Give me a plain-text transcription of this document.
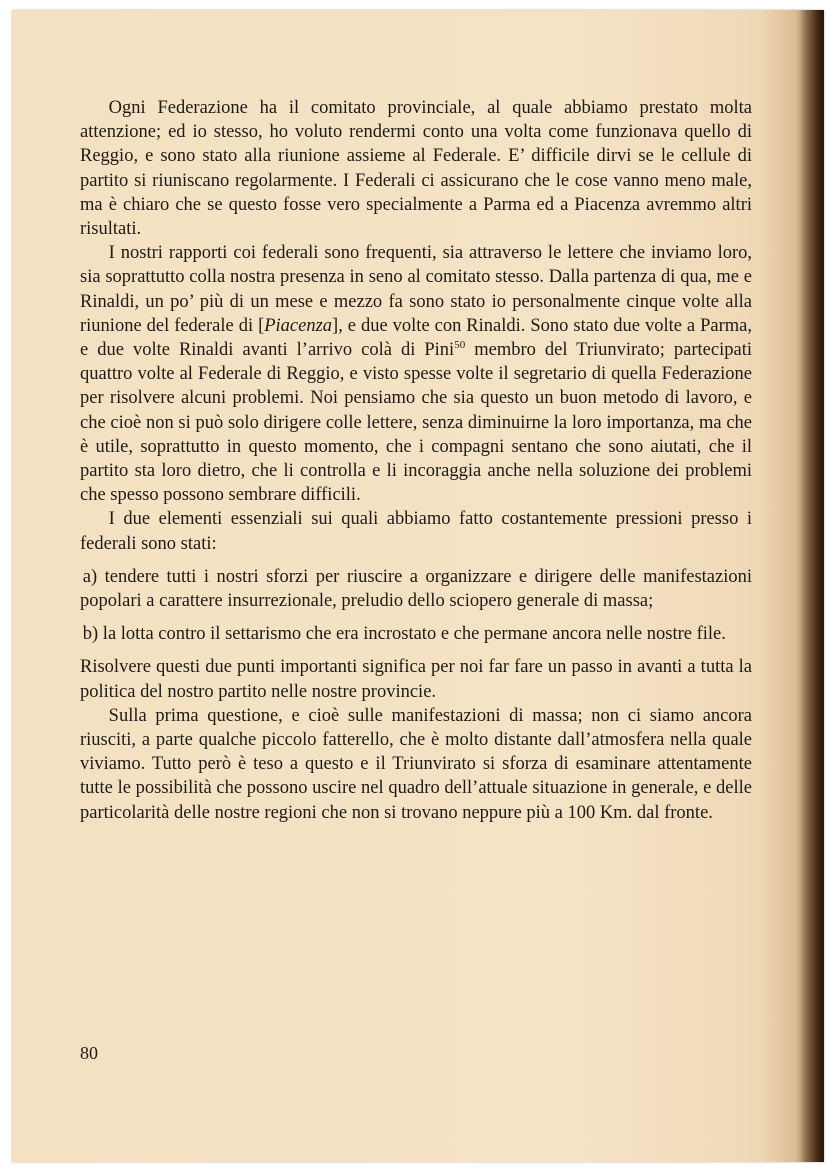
Ogni Federazione ha il comitato provinciale, al quale abbiamo prestato molta attenzione; ed io stesso, ho voluto rendermi conto una volta come funzionava quello di Reggio, e sono stato alla riunione assieme al Federale. E’ difficile dirvi se le cellule di partito si riuniscano regolarmente. I Federali ci assicurano che le cose vanno meno male, ma è chiaro che se questo fosse vero specialmente a Parma ed a Piacenza avremmo altri risultati.

I nostri rapporti coi federali sono frequenti, sia attraverso le lettere che inviamo loro, sia soprattutto colla nostra presenza in seno al comitato stesso. Dalla partenza di qua, me e Rinaldi, un po’ più di un mese e mezzo fa sono stato io personalmente cinque volte alla riunione del federale di [Piacenza], e due volte con Rinaldi. Sono stato due volte a Parma, e due volte Rinaldi avanti l’arrivo colà di Pini$^{50}$ membro del Triunvirato; partecipati quattro volte al Federale di Reggio, e visto spesse volte il segretario di quella Federazione per risolvere alcuni problemi. Noi pensiamo che sia questo un buon metodo di lavoro, e che cioè non si può solo dirigere colle lettere, senza diminuirne la loro importanza, ma che è utile, soprattutto in questo momento, che i compagni sentano che sono aiutati, che il partito sta loro dietro, che li controlla e li incoraggia anche nella soluzione dei problemi che spesso possono sembrare difficili.

I due elementi essenziali sui quali abbiamo fatto costantemente pressioni presso i federali sono stati:

a) tendere tutti i nostri sforzi per riuscire a organizzare e dirigere delle manifestazioni popolari a carattere insurrezionale, preludio dello sciopero generale di massa;

b) la lotta contro il settarismo che era incrostato e che permane ancora nelle nostre file.

Risolvere questi due punti importanti significa per noi far fare un passo in avanti a tutta la politica del nostro partito nelle nostre provincie.

Sulla prima questione, e cioè sulle manifestazioni di massa; non ci siamo ancora riusciti, a parte qualche piccolo fatterello, che è molto distante dall’atmosfera nella quale viviamo. Tutto però è teso a questo e il Triunvirato si sforza di esaminare attentamente tutte le possibilità che possono uscire nel quadro dell’attuale situazione in generale, e delle particolarità delle nostre regioni che non si trovano neppure più a 100 Km. dal fronte.

80
